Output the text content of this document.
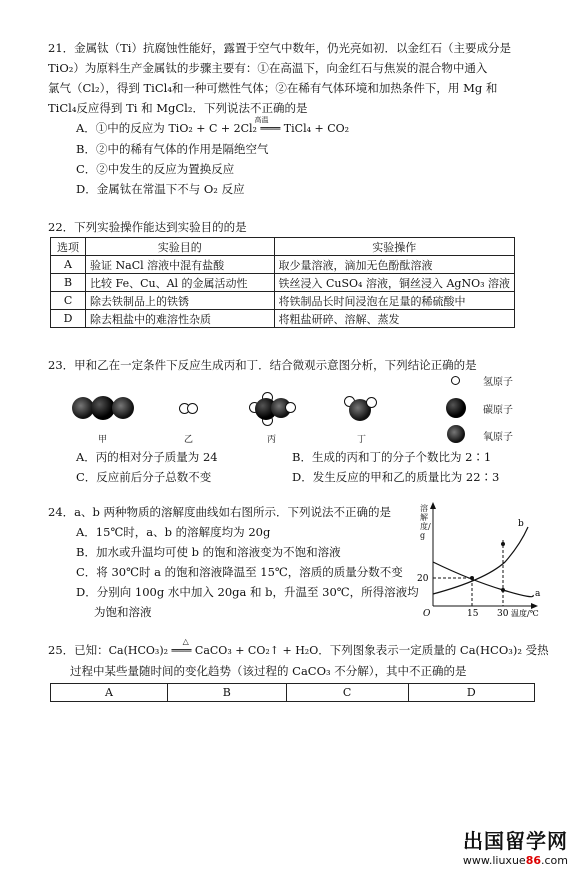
21．金属钛（Ti）抗腐蚀性能好，露置于空气中数年，仍光亮如初．以金红石（主要成分是
TiO₂）为原料生产金属钛的步骤主要有：①在高温下，向金红石与焦炭的混合物中通入
氯气（Cl₂），得到 TiCl₄和一种可燃性气体；②在稀有气体环境和加热条件下，用 Mg 和
TiCl₄反应得到 Ti 和 MgCl₂．下列说法不正确的是
A．①中的反应为 TiO₂ + C + 2Cl₂ ═══ TiCl₄ + CO₂
高温
B．②中的稀有气体的作用是隔绝空气
C．②中发生的反应为置换反应
D．金属钛在常温下不与 O₂ 反应
22．下列实验操作能达到实验目的的是
选项	实验目的	实验操作
A	验证 NaCl 溶液中混有盐酸	取少量溶液，滴加无色酚酞溶液
B	比较 Fe、Cu、Al 的金属活动性	铁丝浸入 CuSO₄ 溶液，铜丝浸入 AgNO₃ 溶液
C	除去铁制品上的铁锈	将铁制品长时间浸泡在足量的稀硫酸中
D	除去粗盐中的难溶性杂质	将粗盐研碎、溶解、蒸发
23．甲和乙在一定条件下反应生成丙和丁．结合微观示意图分析，下列结论正确的是
甲	乙	丙	丁
氢原子
碳原子
氧原子
A．丙的相对分子质量为 24	B．生成的丙和丁的分子个数比为 2∶1
C．反应前后分子总数不变	D．发生反应的甲和乙的质量比为 22∶3
24．a、b 两种物质的溶解度曲线如右图所示．下列说法不正确的是
A．15℃时，a、b 的溶解度均为 20g
B．加水或升温均可使 b 的饱和溶液变为不饱和溶液
C．将 30℃时 a 的饱和溶液降温至 15℃，溶质的质量分数不变
D．分别向 100g 水中加入 20ga 和 b，升温至 30℃，所得溶液均
为饱和溶液
20
O	15 30 温度/℃
a
b
溶解度/g
25．已知：Ca(HCO₃)₂ ═══ CaCO₃ + CO₂↑ + H₂O
△
．下列图象表示一定质量的 Ca(HCO₃)₂ 受热
过程中某些量随时间的变化趋势（该过程的 CaCO₃ 不分解），其中不正确的是
A	B	C	D
出国留学网
www.liuxue86.com
